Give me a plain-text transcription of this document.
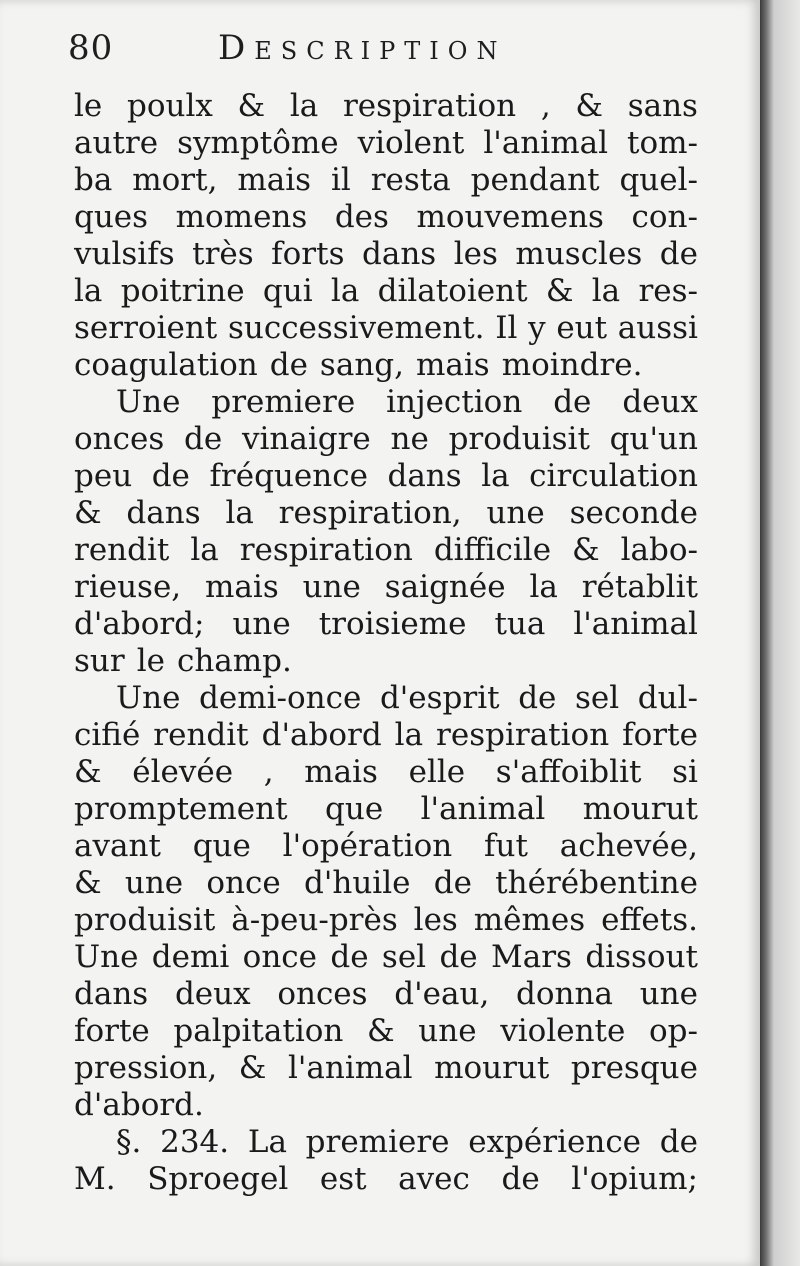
80	Description
le poulx & la respiration , & sans
autre symptôme violent l'animal tom-
ba mort, mais il resta pendant quel-
ques momens des mouvemens con-
vulsifs très forts dans les muscles de
la poitrine qui la dilatoient & la res-
serroient successivement. Il y eut aussi
coagulation de sang, mais moindre.
Une premiere injection de deux
onces de vinaigre ne produisit qu'un
peu de fréquence dans la circulation
& dans la respiration, une seconde
rendit la respiration difficile & labo-
rieuse, mais une saignée la rétablit
d'abord; une troisieme tua l'animal
sur le champ.
Une demi-once d'esprit de sel dul-
cifié rendit d'abord la respiration forte
& élevée , mais elle s'affoiblit si
promptement que l'animal mourut
avant que l'opération fut achevée,
& une once d'huile de thérébentine
produisit à-peu-près les mêmes effets.
Une demi once de sel de Mars dissout
dans deux onces d'eau, donna une
forte palpitation & une violente op-
pression, & l'animal mourut presque
d'abord.
§. 234. La premiere expérience de
M. Sproegel est avec de l'opium;
